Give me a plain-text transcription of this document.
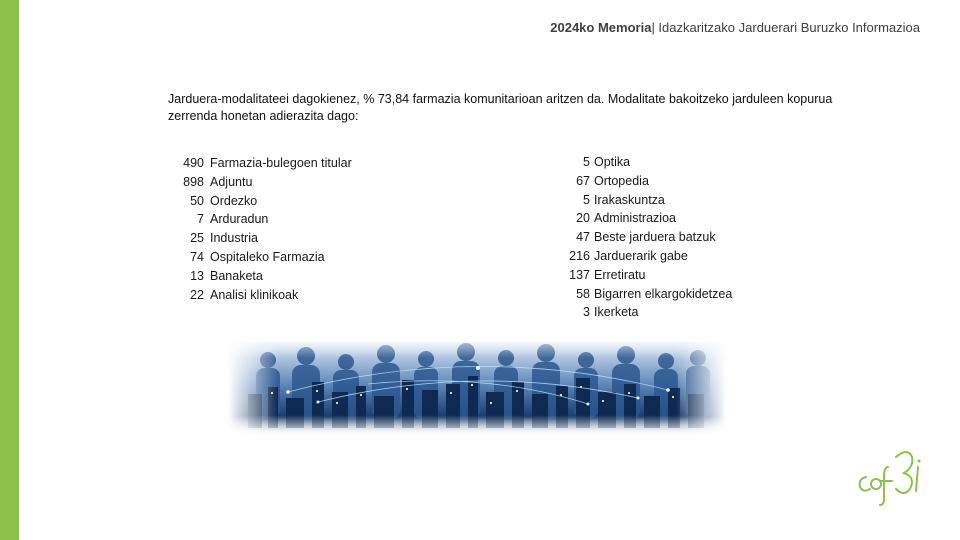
2024ko Memoria| Idazkaritzako Jarduerari Buruzko Informazioa
Jarduera-modalitateei dagokienez, % 73,84 farmazia komunitarioan aritzen da. Modalitate bakoitzeko jarduleen kopurua zerrenda honetan adierazita dago:
490 Farmazia-bulegoen titular
898 Adjuntu
50 Ordezko
7 Arduradun
25 Industria
74 Ospitaleko Farmazia
13 Banaketa
22 Analisi klinikoak
5 Optika
67 Ortopedia
5 Irakaskuntza
20 Administrazioa
47 Beste jarduera batzuk
216 Jarduerarik gabe
137 Erretiratu
58 Bigarren elkargokidetzea
3 Ikerketa
